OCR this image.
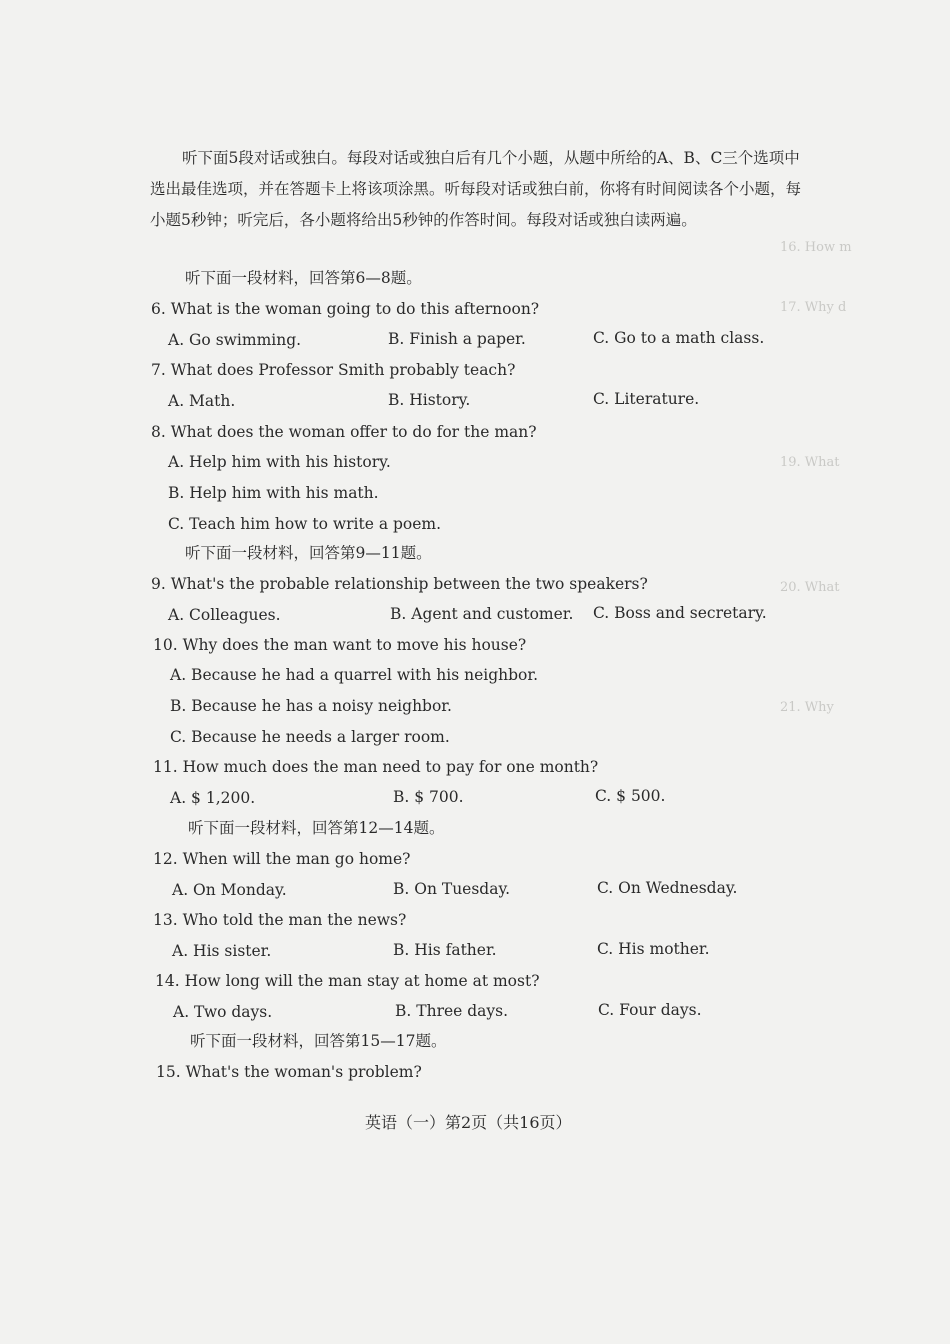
16. How m
17. Why d
19. What
20. What
21. Why
听下面5段对话或独白。每段对话或独白后有几个小题，从题中所给的A、B、C三个选项中选出最佳选项，并在答题卡上将该项涂黑。听每段对话或独白前，你将有时间阅读各个小题，每小题5秒钟；听完后，各小题将给出5秒钟的作答时间。每段对话或独白读两遍。
听下面一段材料，回答第6—8题。
6. What is the woman going to do this afternoon?
A. Go swimming.	B. Finish a paper.	C. Go to a math class.
7. What does Professor Smith probably teach?
A. Math.	B. History.	C. Literature.
8. What does the woman offer to do for the man?
A. Help him with his history.
B. Help him with his math.
C. Teach him how to write a poem.
听下面一段材料，回答第9—11题。
9. What's the probable relationship between the two speakers?
A. Colleagues.	B. Agent and customer. C. Boss and secretary.
10. Why does the man want to move his house?
A. Because he had a quarrel with his neighbor.
B. Because he has a noisy neighbor.
C. Because he needs a larger room.
11. How much does the man need to pay for one month?
A. $ 1,200.	B. $ 700.	C. $ 500.
听下面一段材料，回答第12—14题。
12. When will the man go home?
A. On Monday.	B. On Tuesday.	C. On Wednesday.
13. Who told the man the news?
A. His sister.	B. His father.	C. His mother.
14. How long will the man stay at home at most?
A. Two days.	B. Three days.	C. Four days.
听下面一段材料，回答第15—17题。
15. What's the woman's problem?
英语（一）第2页（共16页）
